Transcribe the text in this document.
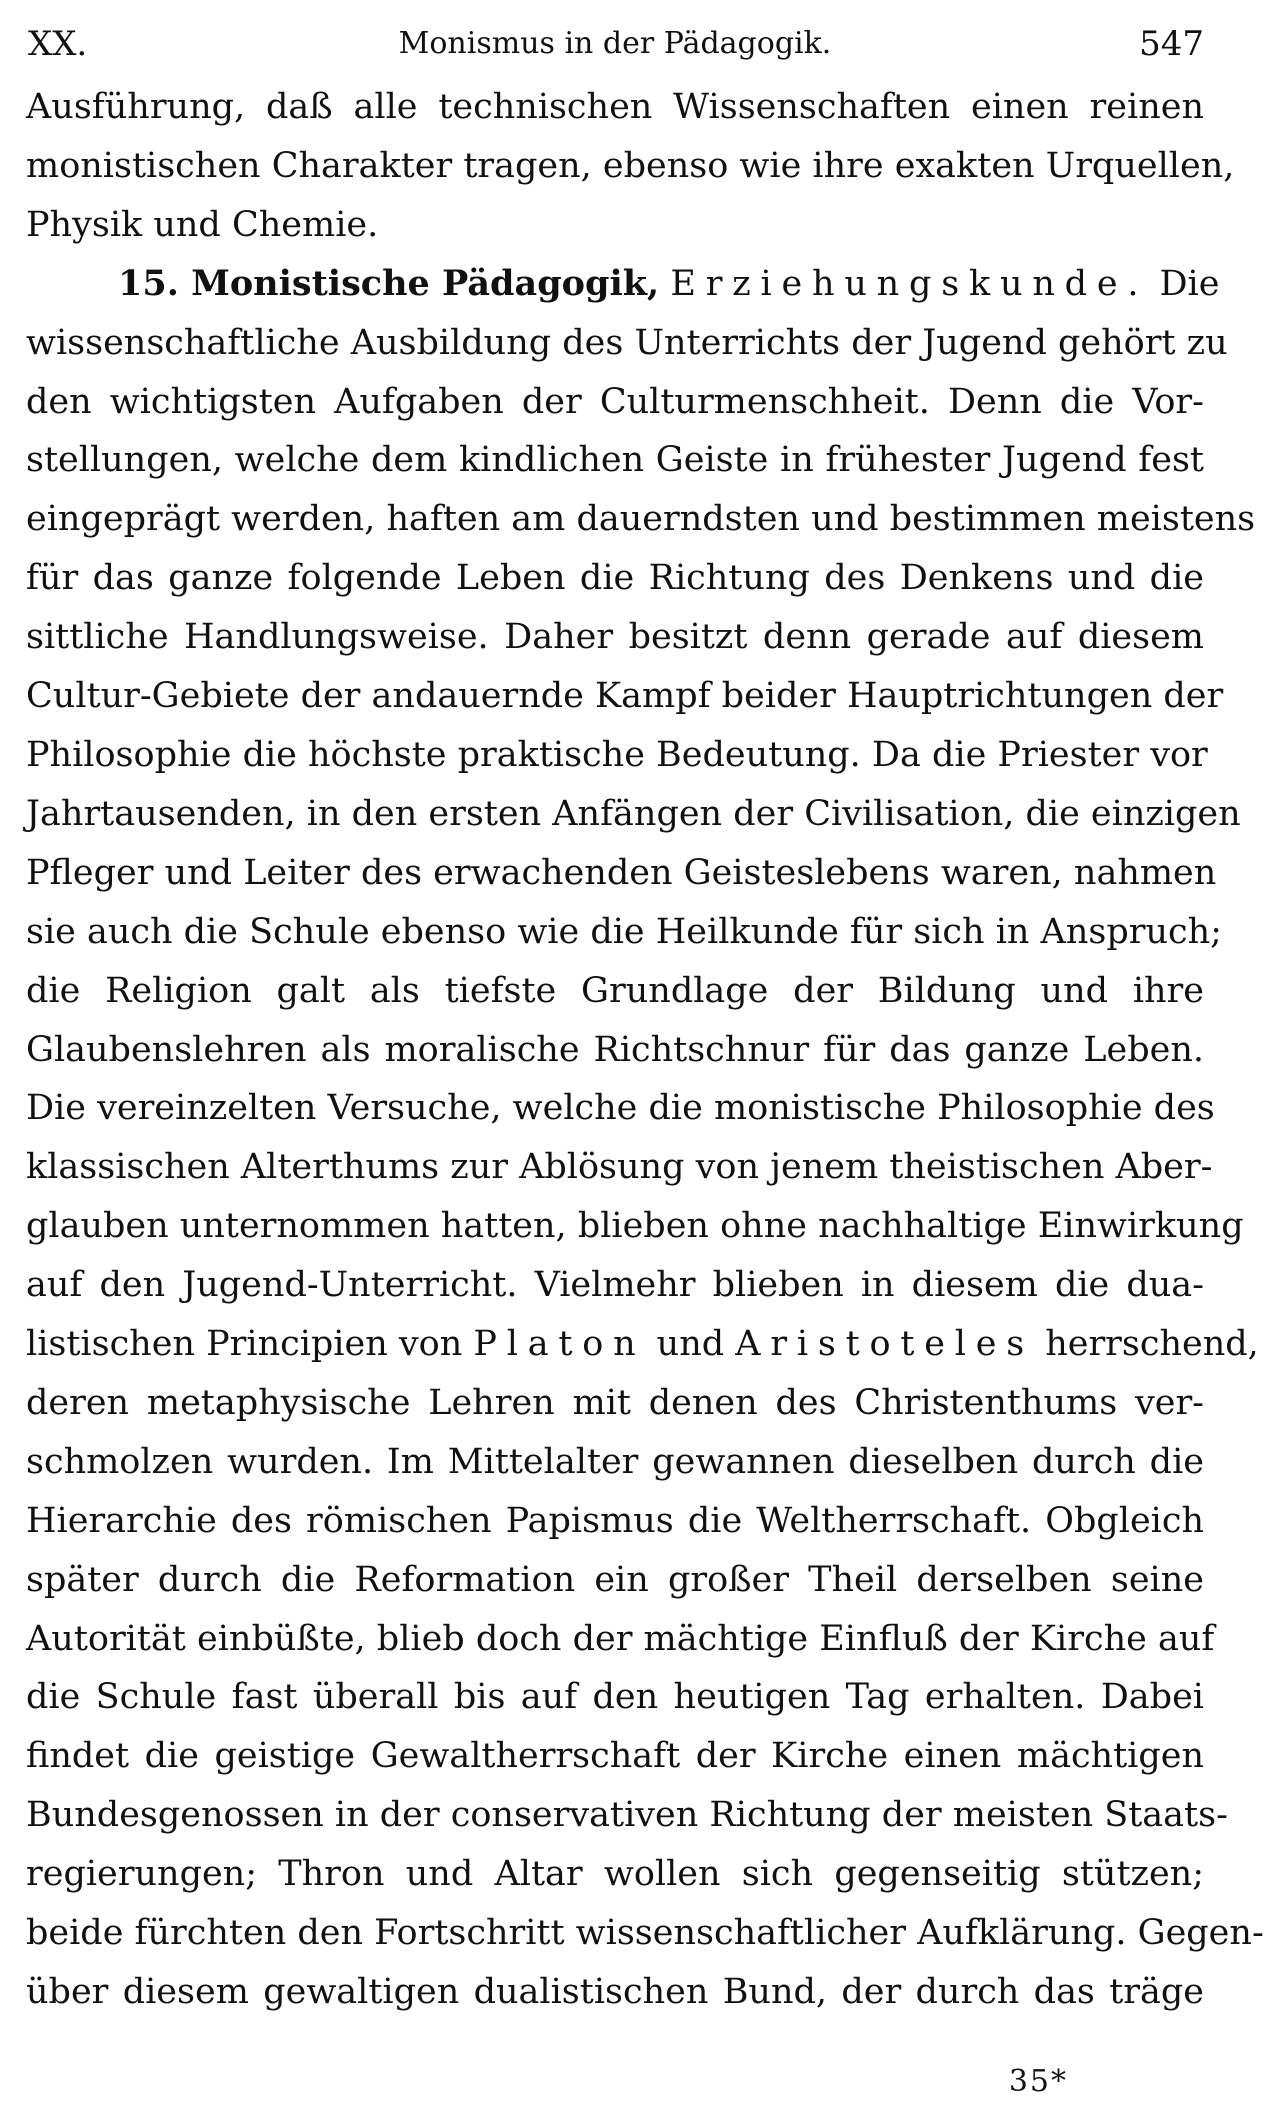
XX.	Monismus in der Pädagogik.	547
Ausführung, daß alle technischen Wissenschaften einen reinen
monistischen Charakter tragen, ebenso wie ihre exakten Urquellen,
Physik und Chemie.
15. Monistische Pädagogik, Erziehungskunde. Die
wissenschaftliche Ausbildung des Unterrichts der Jugend gehört zu
den wichtigsten Aufgaben der Culturmenschheit. Denn die Vor-
stellungen, welche dem kindlichen Geiste in frühester Jugend fest
eingeprägt werden, haften am dauerndsten und bestimmen meistens
für das ganze folgende Leben die Richtung des Denkens und die
sittliche Handlungsweise. Daher besitzt denn gerade auf diesem
Cultur-Gebiete der andauernde Kampf beider Hauptrichtungen der
Philosophie die höchste praktische Bedeutung. Da die Priester vor
Jahrtausenden, in den ersten Anfängen der Civilisation, die einzigen
Pfleger und Leiter des erwachenden Geisteslebens waren, nahmen
sie auch die Schule ebenso wie die Heilkunde für sich in Anspruch;
die Religion galt als tiefste Grundlage der Bildung und ihre
Glaubenslehren als moralische Richtschnur für das ganze Leben.
Die vereinzelten Versuche, welche die monistische Philosophie des
klassischen Alterthums zur Ablösung von jenem theistischen Aber-
glauben unternommen hatten, blieben ohne nachhaltige Einwirkung
auf den Jugend-Unterricht. Vielmehr blieben in diesem die dua-
listischen Principien von Platon und Aristoteles herrschend,
deren metaphysische Lehren mit denen des Christenthums ver-
schmolzen wurden. Im Mittelalter gewannen dieselben durch die
Hierarchie des römischen Papismus die Weltherrschaft. Obgleich
später durch die Reformation ein großer Theil derselben seine
Autorität einbüßte, blieb doch der mächtige Einfluß der Kirche auf
die Schule fast überall bis auf den heutigen Tag erhalten. Dabei
findet die geistige Gewaltherrschaft der Kirche einen mächtigen
Bundesgenossen in der conservativen Richtung der meisten Staats-
regierungen; Thron und Altar wollen sich gegenseitig stützen;
beide fürchten den Fortschritt wissenschaftlicher Aufklärung. Gegen-
über diesem gewaltigen dualistischen Bund, der durch das träge
35*
